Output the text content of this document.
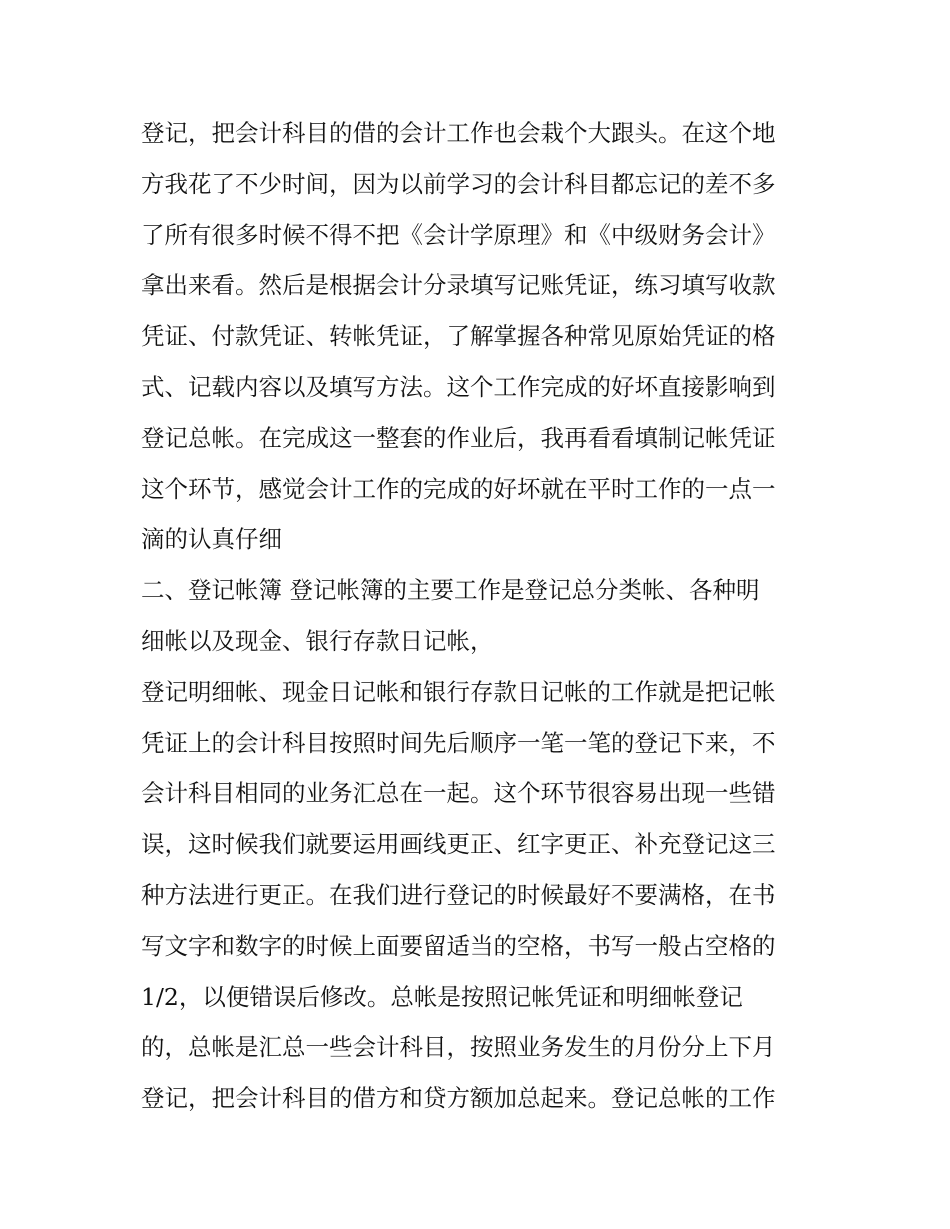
登记，把会计科目的借的会计工作也会栽个大跟头。在这个地
方我花了不少时间，因为以前学习的会计科目都忘记的差不多
了所有很多时候不得不把《会计学原理》和《中级财务会计》
拿出来看。然后是根据会计分录填写记账凭证，练习填写收款
凭证、付款凭证、转帐凭证，了解掌握各种常见原始凭证的格
式、记载内容以及填写方法。这个工作完成的好坏直接影响到
登记总帐。在完成这一整套的作业后，我再看看填制记帐凭证
这个环节，感觉会计工作的完成的好坏就在平时工作的一点一
滴的认真仔细
二、登记帐簿 登记帐簿的主要工作是登记总分类帐、各种明
细帐以及现金、银行存款日记帐，
登记明细帐、现金日记帐和银行存款日记帐的工作就是把记帐
凭证上的会计科目按照时间先后顺序一笔一笔的登记下来，不
会计科目相同的业务汇总在一起。这个环节很容易出现一些错
误，这时候我们就要运用画线更正、红字更正、补充登记这三
种方法进行更正。在我们进行登记的时候最好不要满格，在书
写文字和数字的时候上面要留适当的空格，书写一般占空格的
1/2，以便错误后修改。总帐是按照记帐凭证和明细帐登记
的，总帐是汇总一些会计科目，按照业务发生的月份分上下月
登记，把会计科目的借方和贷方额加总起来。登记总帐的工作
